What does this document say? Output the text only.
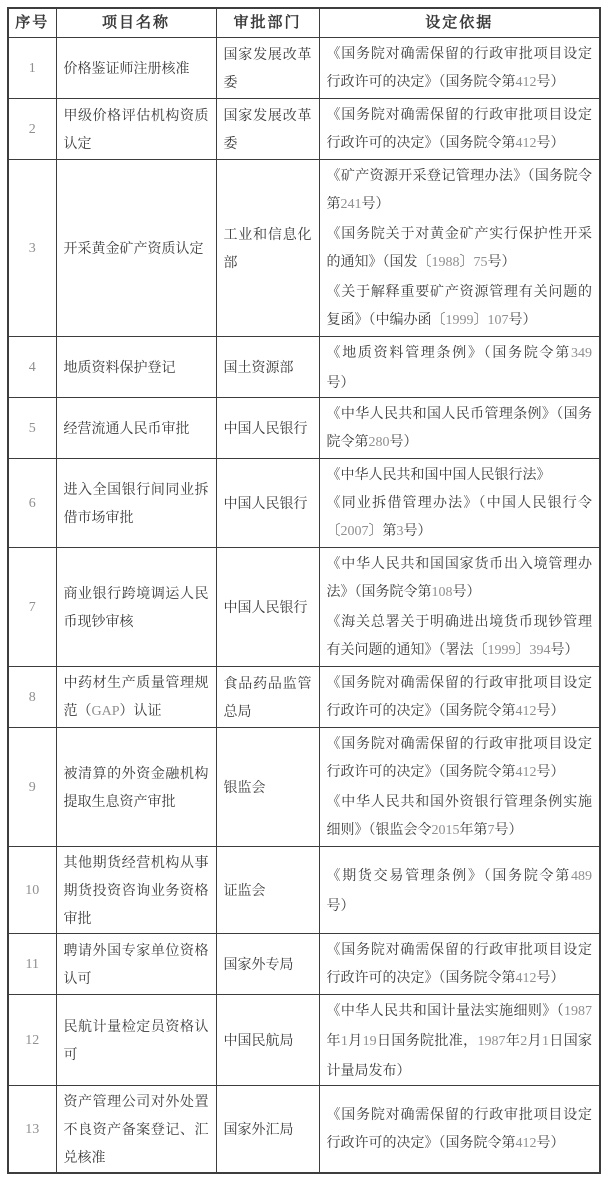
序号	项目名称	审批部门	设定依据
1	价格鉴证师注册核准	国家发展改革委	《国务院对确需保留的行政审批项目设定行政许可的决定》（国务院令第412号）

2	甲级价格评估机构资质认定	国家发展改革委	《国务院对确需保留的行政审批项目设定行政许可的决定》（国务院令第412号）

3	开采黄金矿产资质认定	工业和信息化部	《矿产资源开采登记管理办法》（国务院令第241号）

《国务院关于对黄金矿产实行保护性开采的通知》（国发〔1988〕75号）

《关于解释重要矿产资源管理有关问题的复函》（中编办函〔1999〕107号）

4	地质资料保护登记	国土资源部	《地质资料管理条例》（国务院令第349号）

5	经营流通人民币审批	中国人民银行	《中华人民共和国人民币管理条例》（国务院令第280号）

6	进入全国银行间同业拆借市场审批	中国人民银行	《中华人民共和国中国人民银行法》

《同业拆借管理办法》（中国人民银行令〔2007〕第3号）

7	商业银行跨境调运人民币现钞审核	中国人民银行	《中华人民共和国国家货币出入境管理办法》（国务院令第108号）

《海关总署关于明确进出境货币现钞管理有关问题的通知》（署法〔1999〕394号）

8	中药材生产质量管理规范（GAP）认证	食品药品监管总局	《国务院对确需保留的行政审批项目设定行政许可的决定》（国务院令第412号）

9	被清算的外资金融机构提取生息资产审批	银监会	《国务院对确需保留的行政审批项目设定行政许可的决定》（国务院令第412号）

《中华人民共和国外资银行管理条例实施细则》（银监会令2015年第7号）

10	其他期货经营机构从事期货投资咨询业务资格审批	证监会	《期货交易管理条例》（国务院令第489号）

11	聘请外国专家单位资格认可	国家外专局	《国务院对确需保留的行政审批项目设定行政许可的决定》（国务院令第412号）

12	民航计量检定员资格认可	中国民航局	《中华人民共和国计量法实施细则》（1987年1月19日国务院批准，1987年2月1日国家计量局发布）

13	资产管理公司对外处置不良资产备案登记、汇兑核准	国家外汇局	《国务院对确需保留的行政审批项目设定行政许可的决定》（国务院令第412号）
